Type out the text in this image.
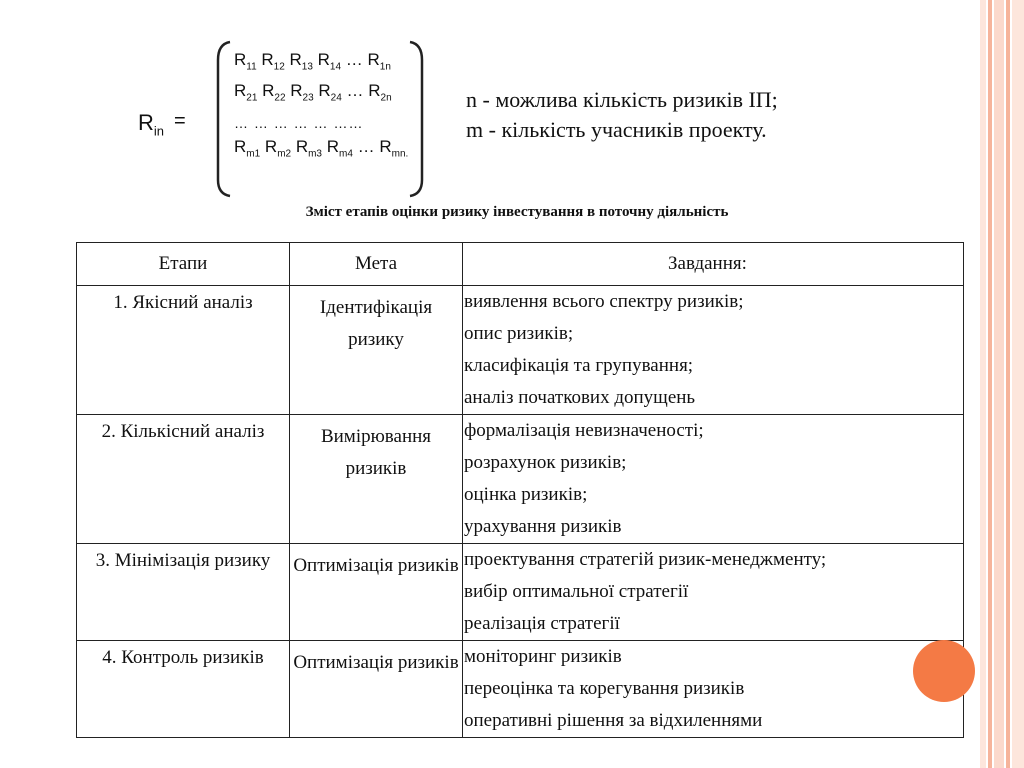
$R_{in}$ =
$R_{11}$ $R_{12}$ $R_{13}$ $R_{14}$ … $R_{1n}$
$R_{21}$ $R_{22}$ $R_{23}$ $R_{24}$ … $R_{2n}$
… … … … … ……
$R_{m1}$ $R_{m2}$ $R_{m3}$ $R_{m4}$ … $R_{mn.}$
n - можлива кількість ризиків ІП;
m - кількість учасників проекту.
Зміст етапів оцінки ризику інвестування в поточну діяльність
Етапи	Мета	Завдання:
1. Якісний аналіз	Ідентифікація ризику	виявлення всього спектру ризиків;
опис ризиків;
класифікація та групування;
аналіз початкових допущень

2. Кількісний аналіз	Вимірювання ризиків	формалізація невизначеності;
розрахунок ризиків;
оцінка ризиків;
урахування ризиків

3. Мінімізація ризику	Оптимізація ризиків	проектування стратегій ризик-менеджменту;
вибір оптимальної стратегії
реалізація стратегії

4. Контроль ризиків	Оптимізація ризиків	моніторинг ризиків
переоцінка та корегування ризиків
оперативні рішення за відхиленнями
